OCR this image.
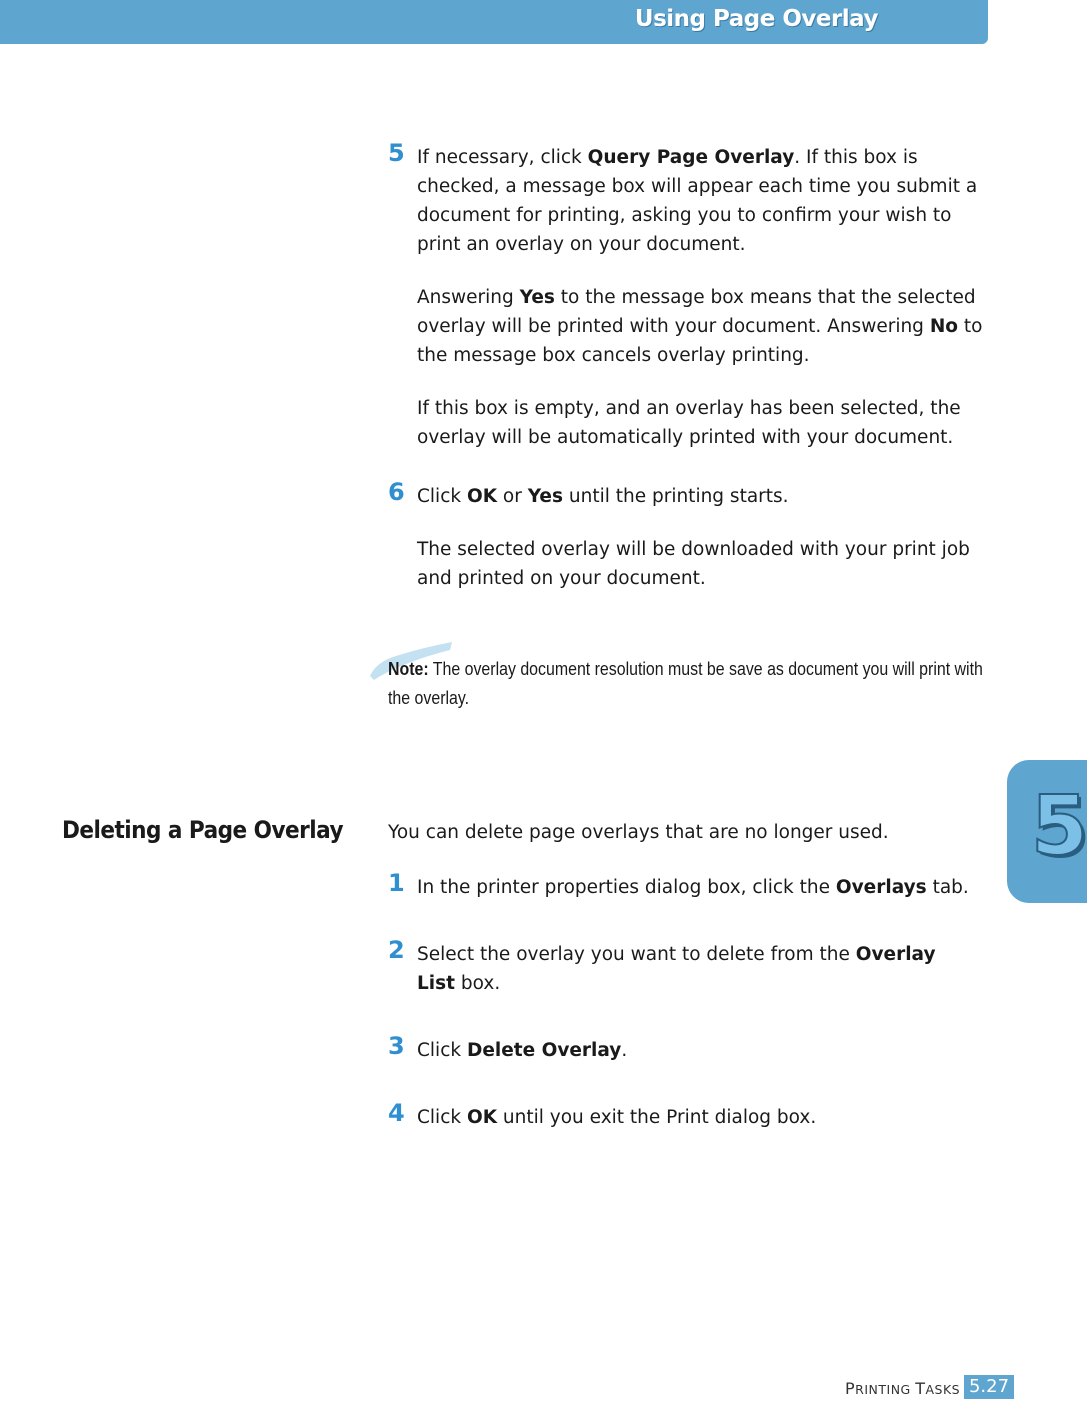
Using Page Overlay
5 If necessary, click Query Page Overlay. If this box is checked, a message box will appear each time you submit a document for printing, asking you to confirm your wish to print an overlay on your document.

Answering Yes to the message box means that the selected overlay will be printed with your document. Answering No to the message box cancels overlay printing.

If this box is empty, and an overlay has been selected, the overlay will be automatically printed with your document.

6 Click OK or Yes until the printing starts.

The selected overlay will be downloaded with your print job and printed on your document.

Note: The overlay document resolution must be save as document you will print with the overlay.
Deleting a Page Overlay You can delete page overlays that are no longer used.
1 In the printer properties dialog box, click the Overlays tab.

2 Select the overlay you want to delete from the Overlay List box.

3 Click Delete Overlay.

4 Click OK until you exit the Print dialog box.

5
PRINTING TASKS 5.27
